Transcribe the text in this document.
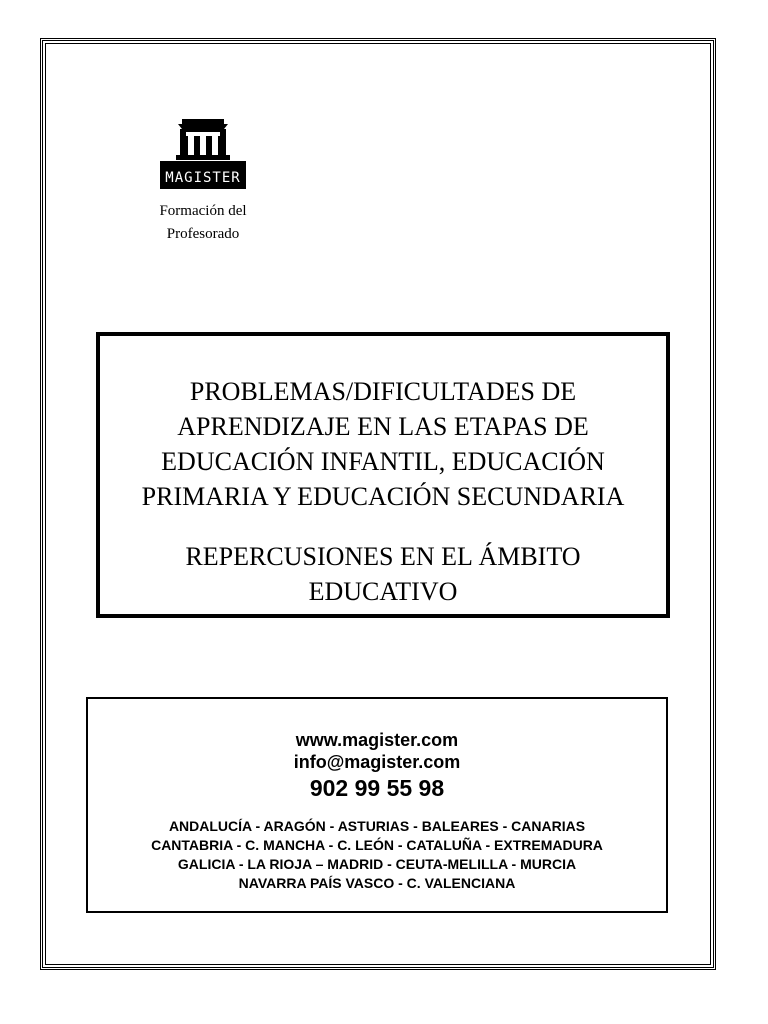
MAGISTER
Formación del
Profesorado
PROBLEMAS/DIFICULTADES DE
APRENDIZAJE EN LAS ETAPAS DE
EDUCACIÓN INFANTIL, EDUCACIÓN
PRIMARIA Y EDUCACIÓN SECUNDARIA
REPERCUSIONES EN EL ÁMBITO
EDUCATIVO
www.magister.com
info@magister.com
902 99 55 98
ANDALUCÍA - ARAGÓN - ASTURIAS - BALEARES - CANARIAS
CANTABRIA - C. MANCHA - C. LEÓN - CATALUÑA - EXTREMADURA
GALICIA - LA RIOJA – MADRID - CEUTA-MELILLA - MURCIA
NAVARRA PAÍS VASCO - C. VALENCIANA
